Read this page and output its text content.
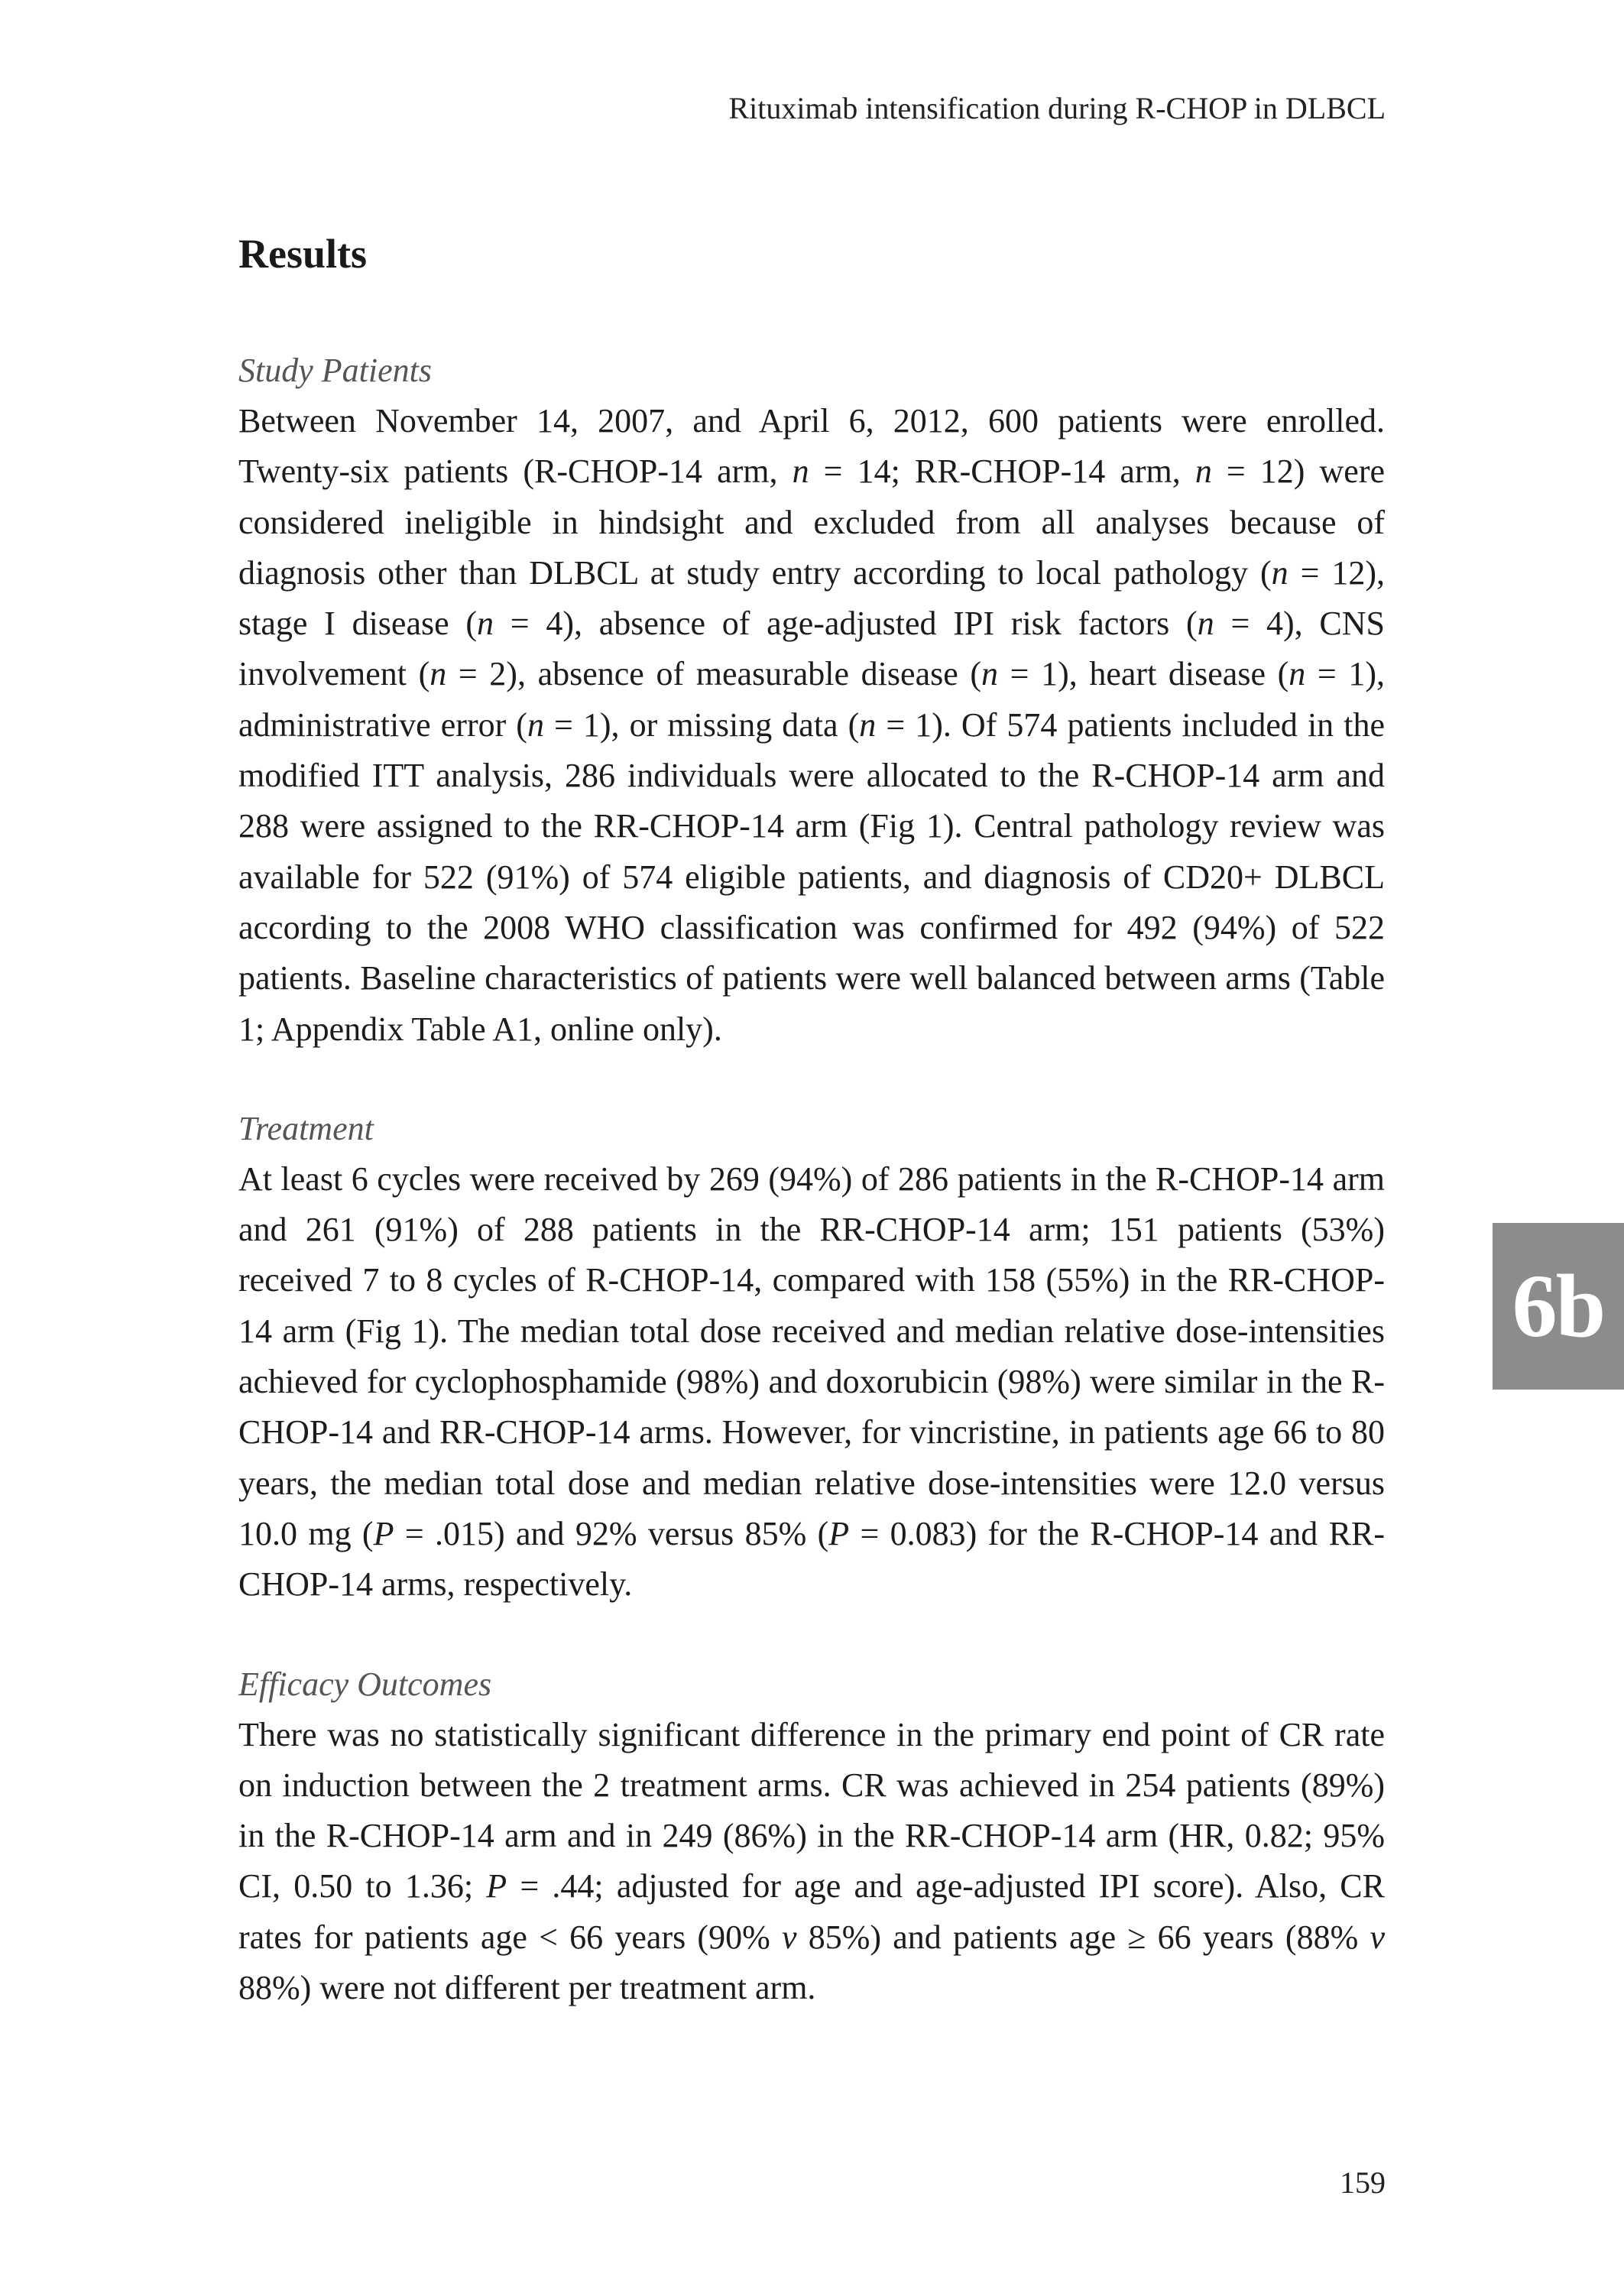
Rituximab intensification during R-CHOP in DLBCL
Results
Study Patients

Between November 14, 2007, and April 6, 2012, 600 patients were enrolled. Twenty-six patients (R-CHOP-14 arm, n = 14; RR-CHOP-14 arm, n = 12) were considered ineligible in hindsight and excluded from all analyses because of diagnosis other than DLBCL at study entry according to local pathology (n = 12), stage I disease (n = 4), absence of age-adjusted IPI risk factors (n = 4), CNS involvement (n = 2), absence of measurable disease (n = 1), heart disease (n = 1), administrative error (n = 1), or missing data (n = 1). Of 574 patients included in the modified ITT analysis, 286 individuals were allocated to the R-CHOP-14 arm and 288 were assigned to the RR-CHOP-14 arm (Fig 1). Central pathology review was available for 522 (91%) of 574 eligible patients, and diagnosis of CD20+ DLBCL according to the 2008 WHO classification was confirmed for 492 (94%) of 522 patients. Baseline characteristics of patients were well balanced between arms (Table 1; Appendix Table A1, online only).

Treatment

At least 6 cycles were received by 269 (94%) of 286 patients in the R-CHOP-14 arm and 261 (91%) of 288 patients in the RR-CHOP-14 arm; 151 patients (53%) received 7 to 8 cycles of R-CHOP-14, compared with 158 (55%) in the RR-CHOP-14 arm (Fig 1). The median total dose received and median relative dose-intensities achieved for cyclophosphamide (98%) and doxorubicin (98%) were similar in the R-CHOP-14 and RR-CHOP-14 arms. However, for vincristine, in patients age 66 to 80 years, the median total dose and median relative dose-intensities were 12.0 versus 10.0 mg (P = .015) and 92% versus 85% (P = 0.083) for the R-CHOP-14 and RR-CHOP-14 arms, respectively.

Efficacy Outcomes

There was no statistically significant difference in the primary end point of CR rate on induction between the 2 treatment arms. CR was achieved in 254 patients (89%) in the R-CHOP-14 arm and in 249 (86%) in the RR-CHOP-14 arm (HR, 0.82; 95% CI, 0.50 to 1.36; P = .44; adjusted for age and age-adjusted IPI score). Also, CR rates for patients age < 66 years (90% v 85%) and patients age ≥ 66 years (88% v 88%) were not different per treatment arm.

6b
159
